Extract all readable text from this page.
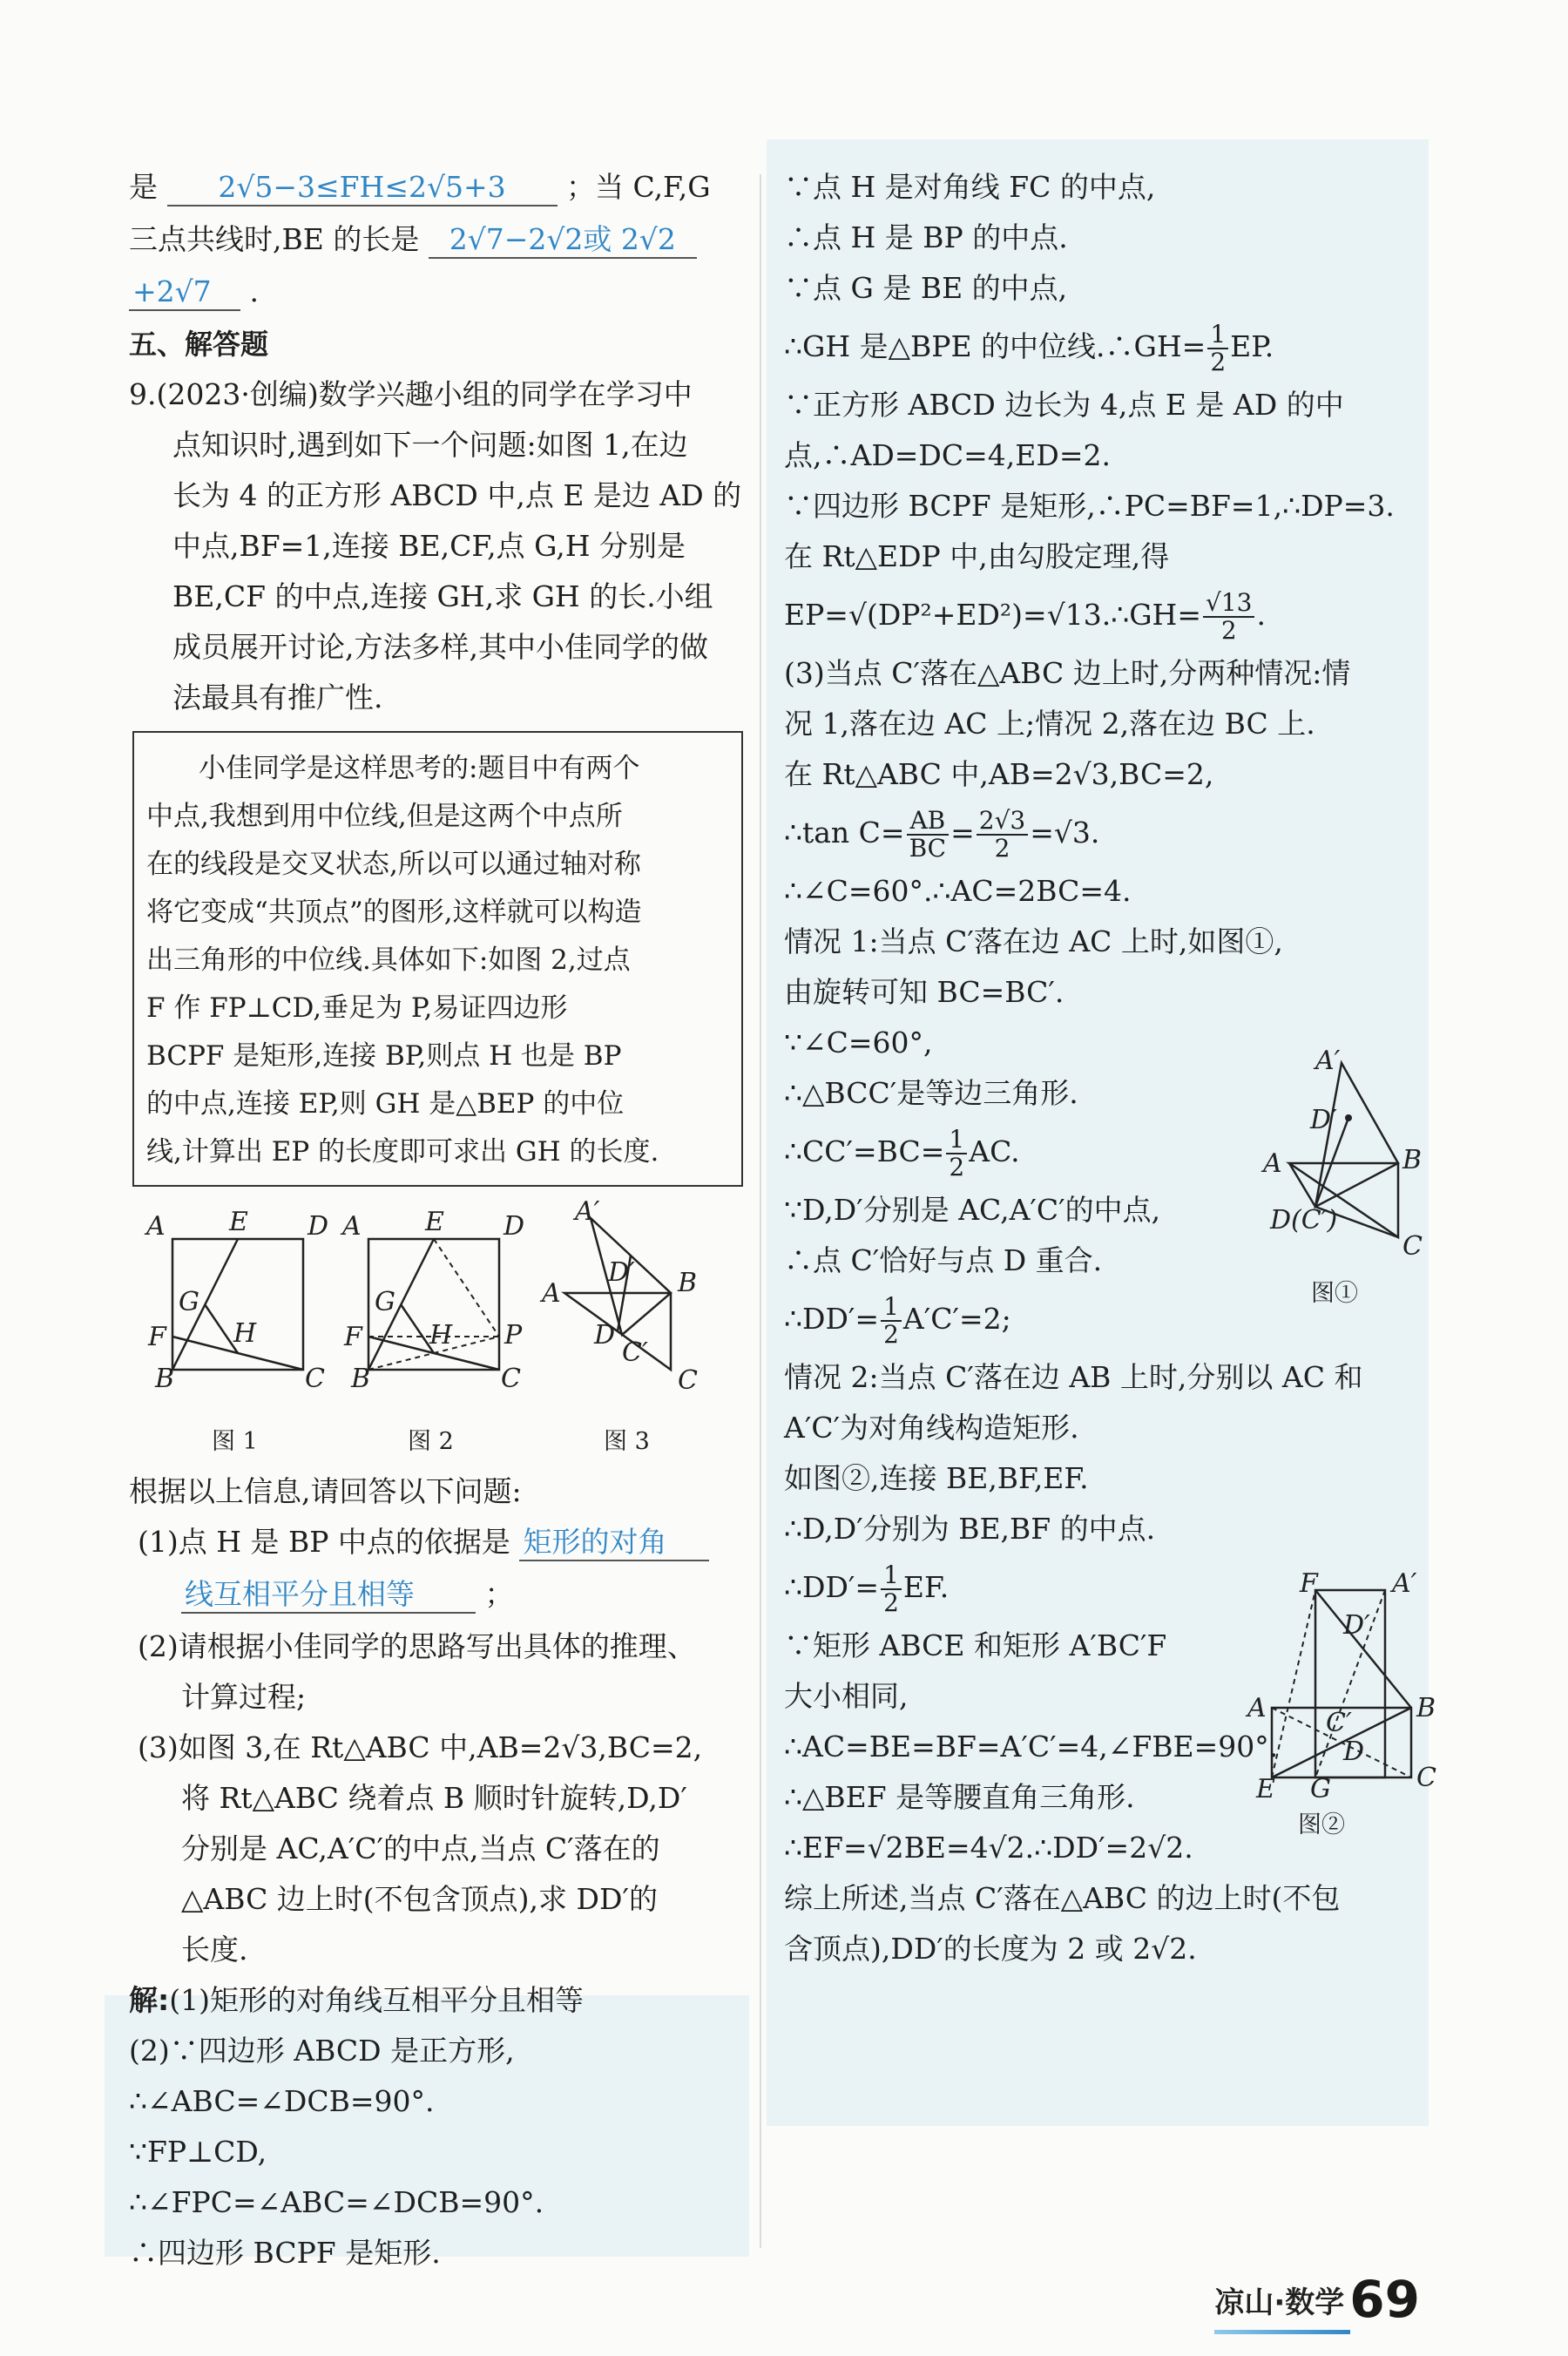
是 2√5−3≤FH≤2√5+3 ；当 C,F,G

三点共线时,BE 的长是 2√7−2√2或 2√2

+2√7 .

五、解答题

9.(2023·创编)数学兴趣小组的同学在学习中

点知识时,遇到如下一个问题:如图 1,在边

长为 4 的正方形 ABCD 中,点 E 是边 AD 的

中点,BF=1,连接 BE,CF,点 G,H 分别是

BE,CF 的中点,连接 GH,求 GH 的长.小组

成员展开讨论,方法多样,其中小佳同学的做

法最具有推广性.

小佳同学是这样思考的:题目中有两个

中点,我想到用中位线,但是这两个中点所

在的线段是交叉状态,所以可以通过轴对称

将它变成“共顶点”的图形,这样就可以构造

出三角形的中位线.具体如下:如图 2,过点

F 作 FP⊥CD,垂足为 P,易证四边形

BCPF 是矩形,连接 BP,则点 H 也是 BP

的中点,连接 EP,则 GH 是△BEP 的中位

线,计算出 EP 的长度即可求出 GH 的长度.

A E D
G
H
F
B	C
图 1
A E D
G
H P
F
B	C
图 2
A′
D′ B
A
D
C′
C
图 3

根据以上信息,请回答以下问题:

(1)点 H 是 BP 中点的依据是 矩形的对角

线互相平分且相等 ；

(2)请根据小佳同学的思路写出具体的推理、

计算过程;

(3)如图 3,在 Rt△ABC 中,AB=2√3,BC=2,

将 Rt△ABC 绕着点 B 顺时针旋转,D,D′

分别是 AC,A′C′的中点,当点 C′落在的

△ABC 边上时(不包含顶点),求 DD′的

长度.

解:(1)矩形的对角线互相平分且相等

(2)∵四边形 ABCD 是正方形,

∴∠ABC=∠DCB=90°.

∵FP⊥CD,

∴∠FPC=∠ABC=∠DCB=90°.

∴四边形 BCPF 是矩形.

∵点 H 是对角线 FC 的中点,

∴点 H 是 BP 的中点.

∵点 G 是 BE 的中点,

∴GH 是△BPE 的中位线.∴GH= $\frac{1}{2}$ EP.

∵正方形 ABCD 边长为 4,点 E 是 AD 的中

点,∴AD=DC=4,ED=2.

∵四边形 BCPF 是矩形,∴PC=BF=1,∴DP=3.

在 Rt△EDP 中,由勾股定理,得

EP=√(DP²+ED²)=√13.∴GH= $\frac{√13}{2}$ .

(3)当点 C′落在△ABC 边上时,分两种情况:情

况 1,落在边 AC 上;情况 2,落在边 BC 上.

在 Rt△ABC 中,AB=2√3,BC=2,

∴tan $C= \frac{AB}{BC} = \frac{2√3}{2} =√3$.

∴∠C=60°.∴AC=2BC=4.

情况 1:当点 C′落在边 AC 上时,如图①,

由旋转可知 BC=BC′.

∵∠C=60°,

∴△BCC′是等边三角形.

∴CC′=BC= $\frac{1}{2}$ AC.

∵D,D′分别是 AC,A′C′的中点,

∴点 C′恰好与点 D 重合.

∴DD′= $\frac{1}{2} A'C'=2$;

情况 2:当点 C′落在边 AB 上时,分别以 AC 和

A′C′为对角线构造矩形.

如图②,连接 BE,BF,EF.

∴D,D′分别为 BE,BF 的中点.

∴DD′= $\frac{1}{2}$ EF.

∵矩形 ABCE 和矩形 A′BC′F

大小相同,

∴AC=BE=BF=A′C′=4,∠FBE=90°.

∴△BEF 是等腰直角三角形.

∴EF=√2BE=4√2.∴DD′=2√2.

综上所述,当点 C′落在△ABC 的边上时(不包

含顶点),DD′的长度为 2 或 2√2.

A′
D′
A	B
D(C′)
C
图①
F	A′
D′
A C′ B
D
E G	C
图②
凉山·数学 69
